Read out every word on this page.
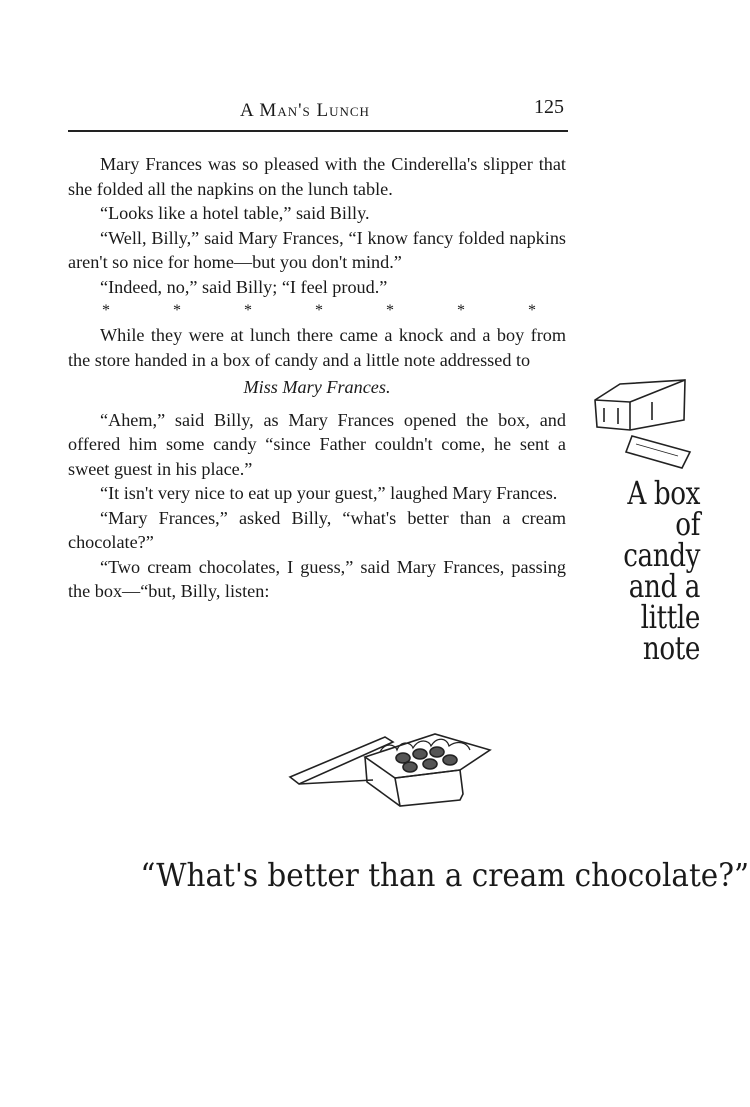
A Man's Lunch	125

Mary Frances was so pleased with the Cinderella's slipper that she folded all the napkins on the lunch table.

“Looks like a hotel table,” said Billy.

“Well, Billy,” said Mary Frances, “I know fancy folded napkins aren't so nice for home—but you don't mind.”

“Indeed, no,” said Billy; “I feel proud.”

*	*	*	*	*	*	*

While they were at lunch there came a knock and a boy from the store handed in a box of candy and a little note addressed to

Miss Mary Frances.

“Ahem,” said Billy, as Mary Frances opened the box, and offered him some candy “since Father couldn't come, he sent a sweet guest in his place.”

“It isn't very nice to eat up your guest,” laughed Mary Frances.

“Mary Frances,” asked Billy, “what's better than a cream chocolate?”

“Two cream chocolates, I guess,” said Mary Frances, passing the box—“but, Billy, listen:

A box
of candy
and a
little note
“What's better than a cream chocolate?”
